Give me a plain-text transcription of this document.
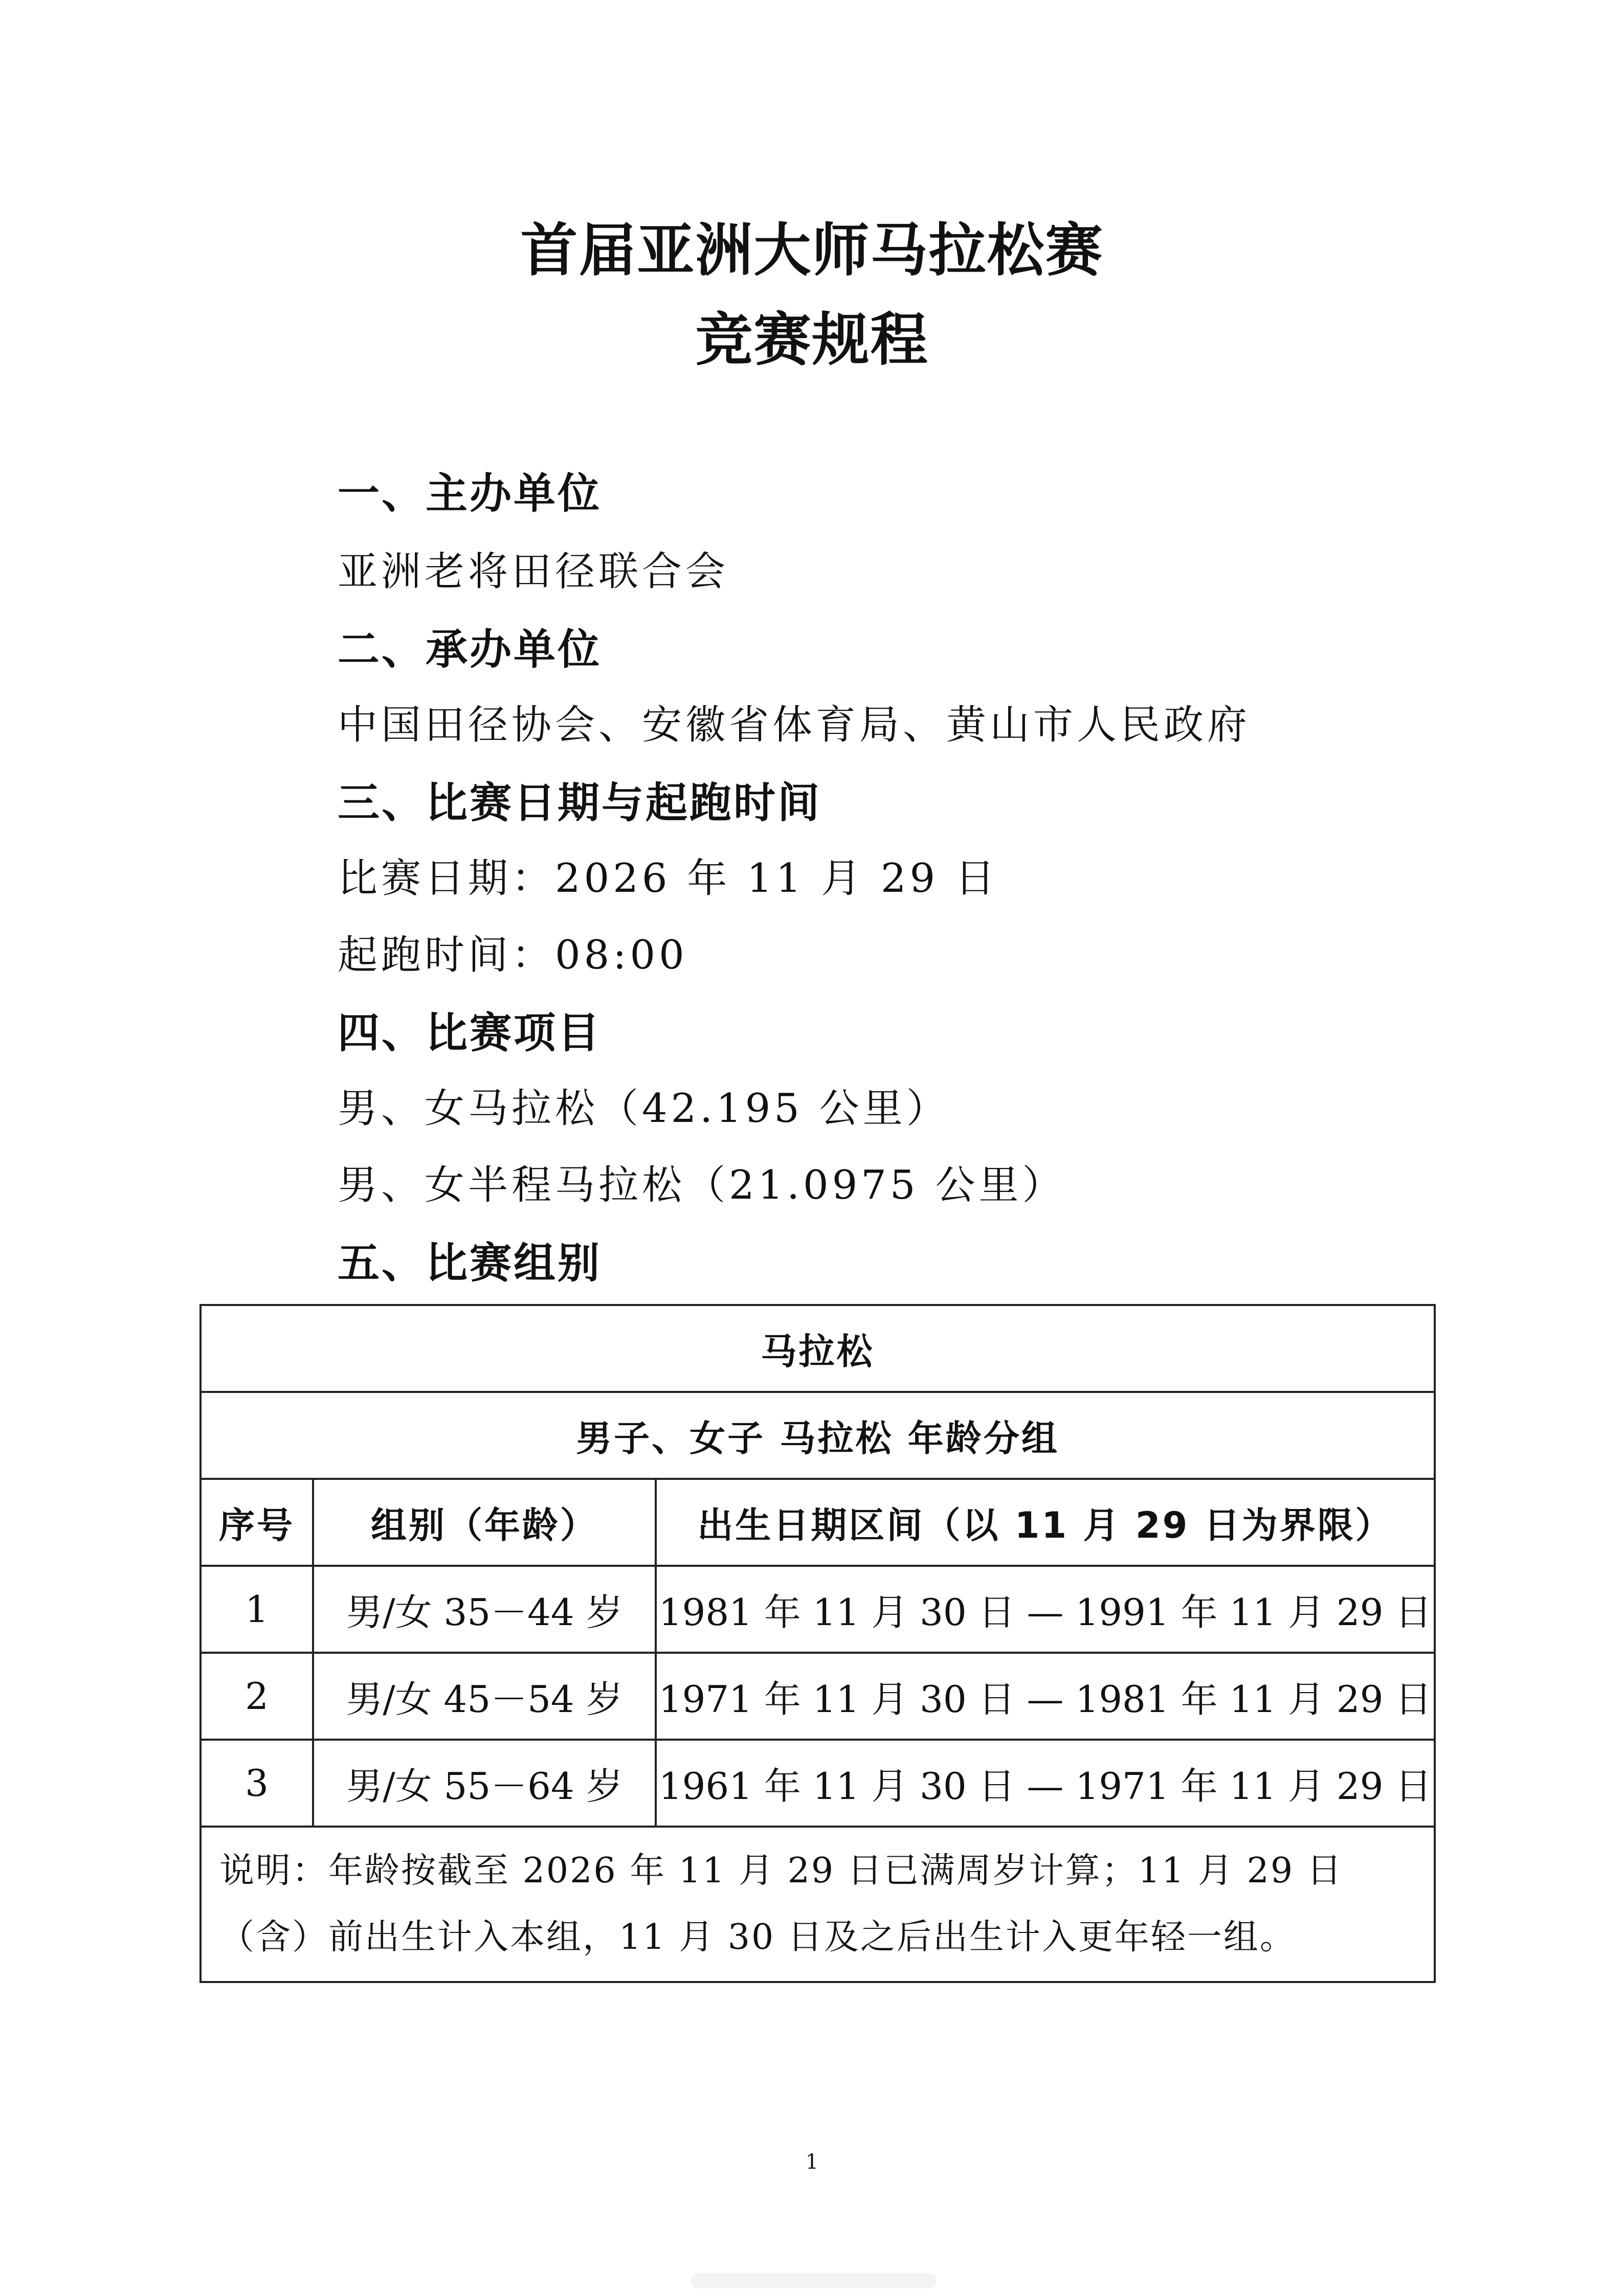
首届亚洲大师马拉松赛
竞赛规程
一、主办单位
亚洲老将田径联合会
二、承办单位
中国田径协会、安徽省体育局、黄山市人民政府
三、比赛日期与起跑时间
比赛日期：2026 年 11 月 29 日
起跑时间：08:00
四、比赛项目
男、女马拉松（42.195 公里）
男、女半程马拉松（21.0975 公里）
五、比赛组别
马拉松		
男子、女子 马拉松 年龄分组		
序号	组别（年龄）	出生日期区间（以 11 月 29 日为界限）
1	男/女 35－44 岁	1981 年 11 月 30 日 — 1991 年 11 月 29 日
2	男/女 45－54 岁	1971 年 11 月 30 日 — 1981 年 11 月 29 日
3	男/女 55－64 岁	1961 年 11 月 30 日 — 1971 年 11 月 29 日
说明：年龄按截至 2026 年 11 月 29 日已满周岁计算；11 月 29 日（含）前出生计入本组，11 月 30 日及之后出生计入更年轻一组。		
1
